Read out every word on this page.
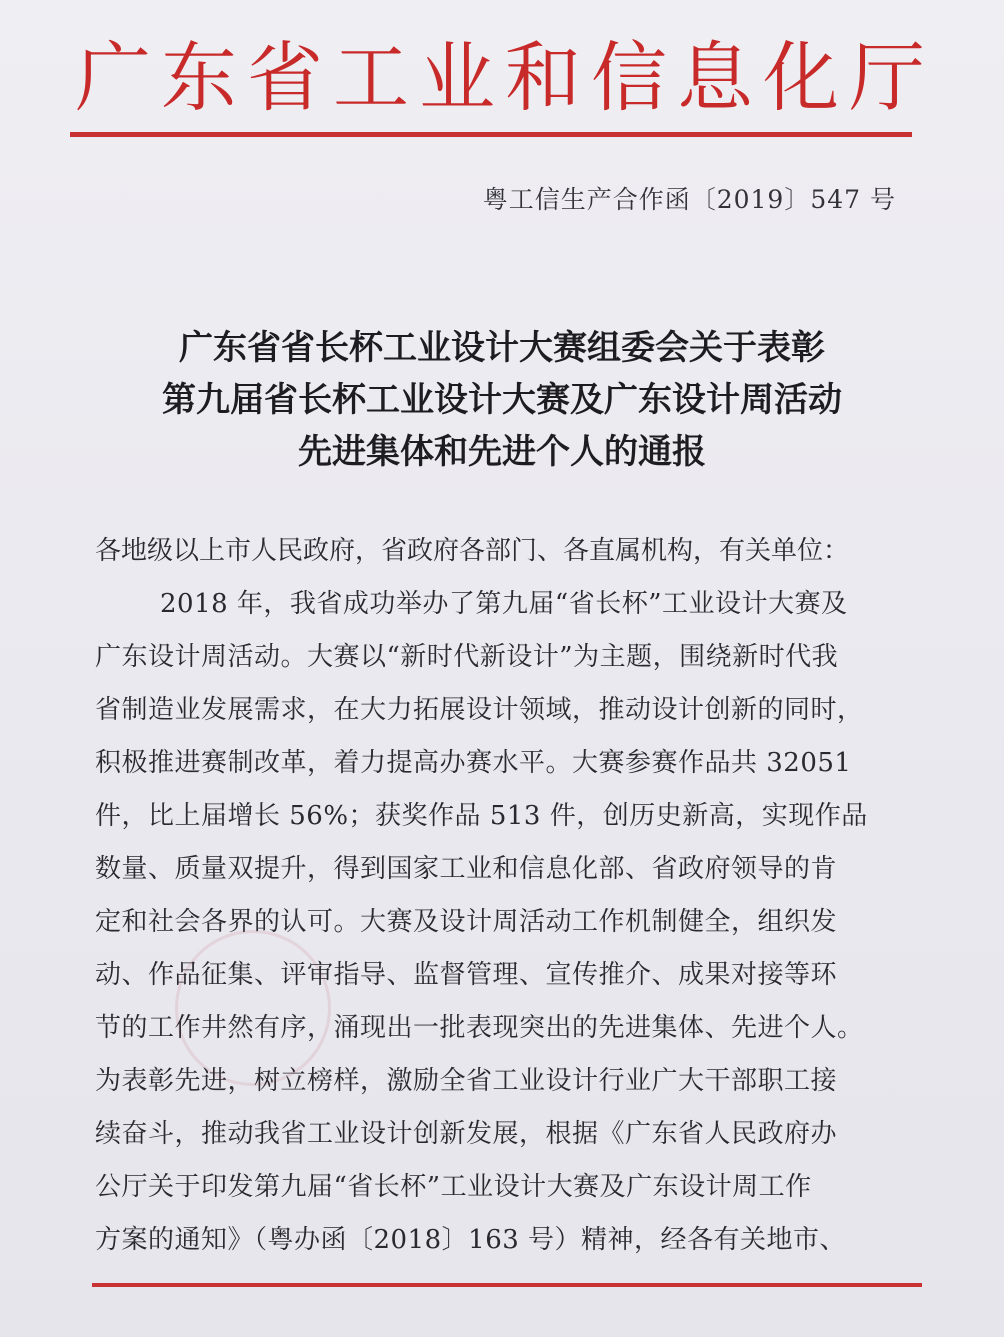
广东省工业和信息化厅
粤工信生产合作函〔2019〕547 号
广东省省长杯工业设计大赛组委会关于表彰
第九届省长杯工业设计大赛及广东设计周活动
先进集体和先进个人的通报
各地级以上市人民政府，省政府各部门、各直属机构，有关单位：
2018 年，我省成功举办了第九届“省长杯”工业设计大赛及
广东设计周活动。大赛以“新时代新设计”为主题，围绕新时代我
省制造业发展需求，在大力拓展设计领域，推动设计创新的同时，
积极推进赛制改革，着力提高办赛水平。大赛参赛作品共 32051
件，比上届增长 56%；获奖作品 513 件，创历史新高，实现作品
数量、质量双提升，得到国家工业和信息化部、省政府领导的肯
定和社会各界的认可。大赛及设计周活动工作机制健全，组织发
动、作品征集、评审指导、监督管理、宣传推介、成果对接等环
节的工作井然有序，涌现出一批表现突出的先进集体、先进个人。
为表彰先进，树立榜样，激励全省工业设计行业广大干部职工接
续奋斗，推动我省工业设计创新发展，根据《广东省人民政府办
公厅关于印发第九届“省长杯”工业设计大赛及广东设计周工作
方案的通知》（粤办函〔2018〕163 号）精神，经各有关地市、
